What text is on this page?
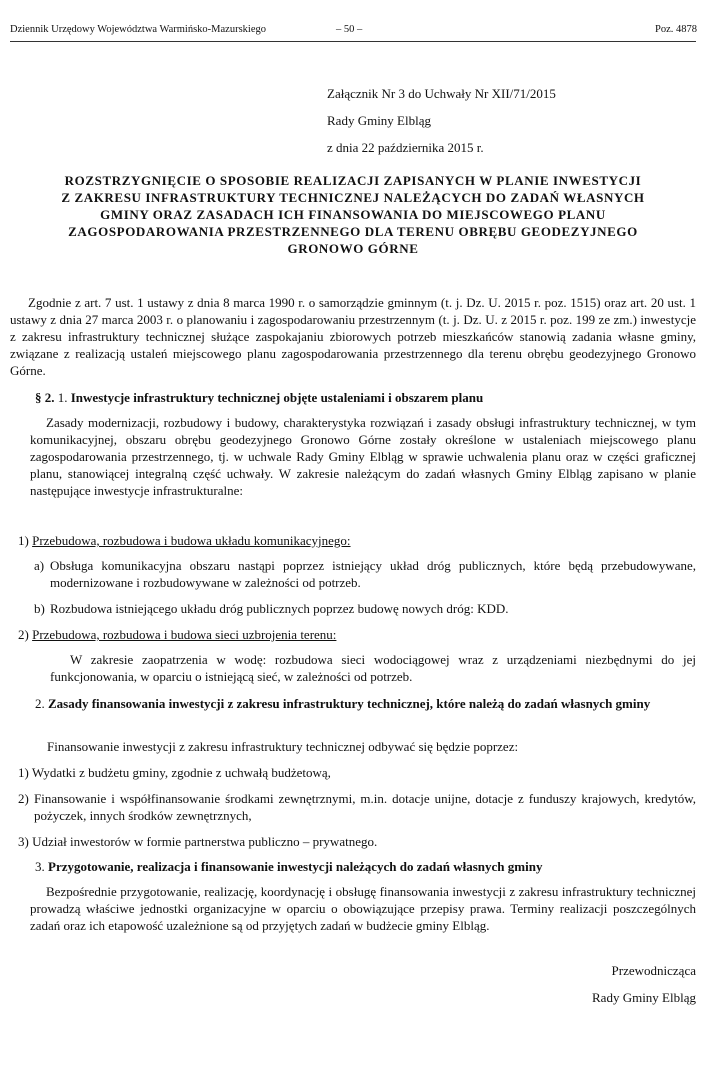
Dziennik Urzędowy Województwa Warmińsko-Mazurskiego	– 50 –	Poz. 4878
Załącznik Nr 3 do Uchwały Nr XII/71/2015
Rady Gminy Elbląg
z dnia 22 października 2015 r.
ROZSTRZYGNIĘCIE O SPOSOBIE REALIZACJI ZAPISANYCH W PLANIE INWESTYCJI
Z ZAKRESU INFRASTRUKTURY TECHNICZNEJ NALEŻĄCYCH DO ZADAŃ WŁASNYCH
GMINY ORAZ ZASADACH ICH FINANSOWANIA DO MIEJSCOWEGO PLANU
ZAGOSPODAROWANIA PRZESTRZENNEGO DLA TERENU OBRĘBU GEODEZYJNEGO
GRONOWO GÓRNE

Zgodnie z art. 7 ust. 1 ustawy z dnia 8 marca 1990 r. o samorządzie gminnym (t. j. Dz. U. 2015 r. poz. 1515) oraz art. 20 ust. 1 ustawy z dnia 27 marca 2003 r. o planowaniu i zagospodarowaniu przestrzennym (t. j. Dz. U. z 2015 r. poz. 199 ze zm.) inwestycje z zakresu infrastruktury technicznej służące zaspokajaniu zbiorowych potrzeb mieszkańców stanowią zadania własne gminy, związane z realizacją ustaleń miejscowego planu zagospodarowania przestrzennego dla terenu obrębu geodezyjnego Gronowo Górne.

§ 2. 1. Inwestycje infrastruktury technicznej objęte ustaleniami i obszarem planu

Zasady modernizacji, rozbudowy i budowy, charakterystyka rozwiązań i zasady obsługi infrastruktury technicznej, w tym komunikacyjnej, obszaru obrębu geodezyjnego Gronowo Górne zostały określone w ustaleniach miejscowego planu zagospodarowania przestrzennego, tj. w uchwale Rady Gminy Elbląg w sprawie uchwalenia planu oraz w części graficznej planu, stanowiącej integralną część uchwały. W zakresie należącym do zadań własnych Gminy Elbląg zapisano w planie następujące inwestycje infrastrukturalne:

1) Przebudowa, rozbudowa i budowa układu komunikacyjnego:
a) Obsługa komunikacyjna obszaru nastąpi poprzez istniejący układ dróg publicznych, które będą przebudowywane, modernizowane i rozbudowywane w zależności od potrzeb.

b) Rozbudowa istniejącego układu dróg publicznych poprzez budowę nowych dróg: KDD.
2) Przebudowa, rozbudowa i budowa sieci uzbrojenia terenu:

W zakresie zaopatrzenia w wodę: rozbudowa sieci wodociągowej wraz z urządzeniami niezbędnymi do jej funkcjonowania, w oparciu o istniejącą sieć, w zależności od potrzeb.

2. Zasady finansowania inwestycji z zakresu infrastruktury technicznej, które należą do zadań własnych gminy
Finansowanie inwestycji z zakresu infrastruktury technicznej odbywać się będzie poprzez:
1) Wydatki z budżetu gminy, zgodnie z uchwałą budżetową,
2) Finansowanie i współfinansowanie środkami zewnętrznymi, m.in. dotacje unijne, dotacje z funduszy krajowych, kredytów, pożyczek, innych środków zewnętrznych,

3) Udział inwestorów w formie partnerstwa publiczno – prywatnego.
3. Przygotowanie, realizacja i finansowanie inwestycji należących do zadań własnych gminy

Bezpośrednie przygotowanie, realizację, koordynację i obsługę finansowania inwestycji z zakresu infrastruktury technicznej prowadzą właściwe jednostki organizacyjne w oparciu o obowiązujące przepisy prawa. Terminy realizacji poszczególnych zadań oraz ich etapowość uzależnione są od przyjętych zadań w budżecie gminy Elbląg.

Przewodnicząca
Rady Gminy Elbląg
